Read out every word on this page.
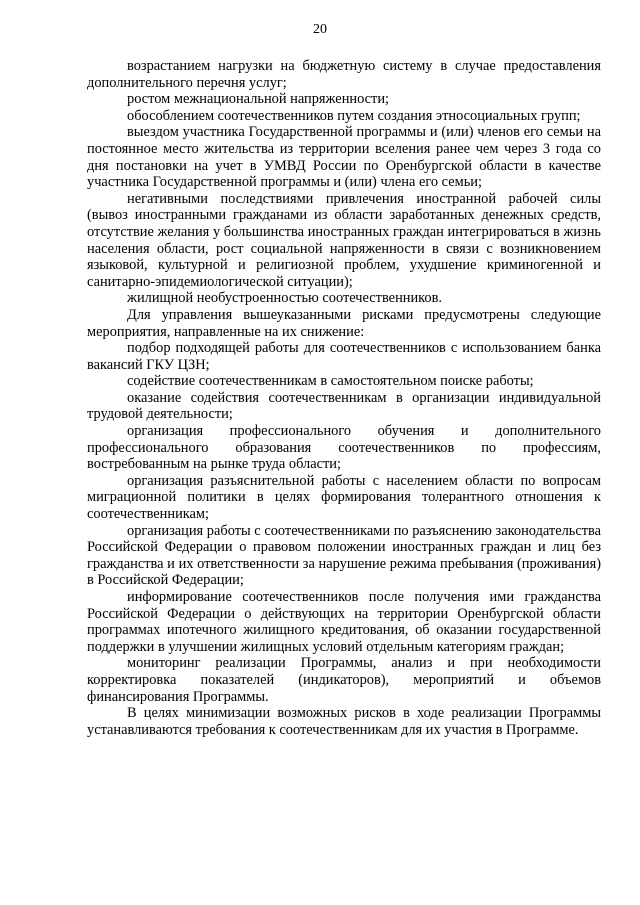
20

возрастанием нагрузки на бюджетную систему в случае предоставления дополнительного перечня услуг;

ростом межнациональной напряженности;

обособлением соотечественников путем создания этносоциальных групп;

выездом участника Государственной программы и (или) членов его семьи на постоянное место жительства из территории вселения ранее чем через 3 года со дня постановки на учет в УМВД России по Оренбургской области в качестве участника Государственной программы и (или) члена его семьи;

негативными последствиями привлечения иностранной рабочей силы (вывоз иностранными гражданами из области заработанных денежных средств, отсутствие желания у большинства иностранных граждан интегрироваться в жизнь населения области, рост социальной напряженности в связи с возникновением языковой, культурной и религиозной проблем, ухудшение криминогенной и санитарно-эпидемиологической ситуации);

жилищной необустроенностью соотечественников.

Для управления вышеуказанными рисками предусмотрены следующие мероприятия, направленные на их снижение:

подбор подходящей работы для соотечественников с использованием банка вакансий ГКУ ЦЗН;

содействие соотечественникам в самостоятельном поиске работы;

оказание содействия соотечественникам в организации индивидуальной трудовой деятельности;

организация профессионального обучения и дополнительного профессионального образования соотечественников по профессиям, востребованным на рынке труда области;

организация разъяснительной работы с населением области по вопросам миграционной политики в целях формирования толерантного отношения к соотечественникам;

организация работы с соотечественниками по разъяснению законодательства Российской Федерации о правовом положении иностранных граждан и лиц без гражданства и их ответственности за нарушение режима пребывания (проживания) в Российской Федерации;

информирование соотечественников после получения ими гражданства Российской Федерации о действующих на территории Оренбургской области программах ипотечного жилищного кредитования, об оказании государственной поддержки в улучшении жилищных условий отдельным категориям граждан;

мониторинг реализации Программы, анализ и при необходимости корректировка показателей (индикаторов), мероприятий и объемов финансирования Программы.

В целях минимизации возможных рисков в ходе реализации Программы устанавливаются требования к соотечественникам для их участия в Программе.
